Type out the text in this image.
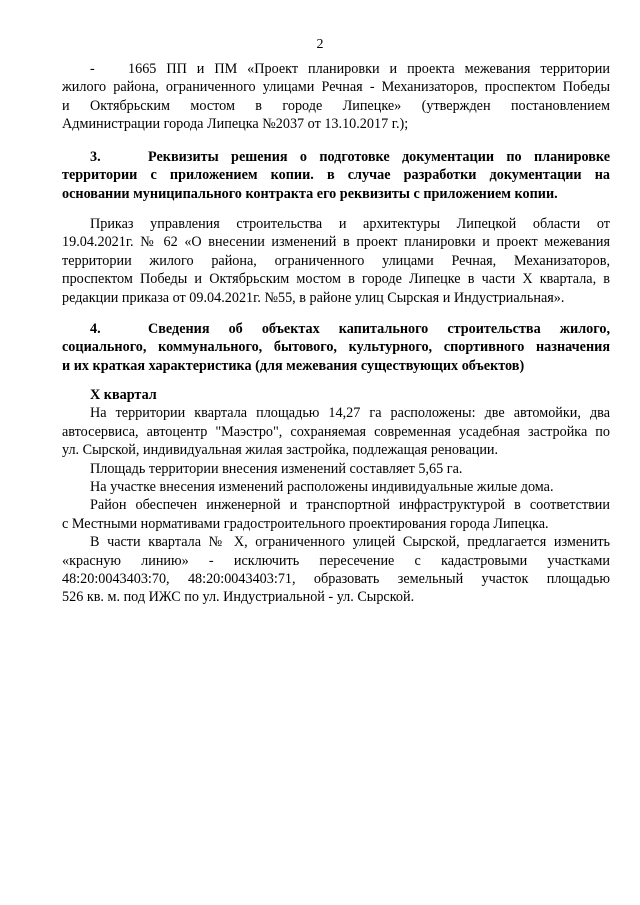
2

- 1665 ПП и ПМ «Проект планировки и проекта межевания территории

жилого района, ограниченного улицами Речная - Механизаторов, проспектом Победы

и Октябрьским мостом в городе Липецке» (утвержден постановлением

Администрации города Липецка №2037 от 13.10.2017 г.);

3.	Реквизиты решения о подготовке документации по планировке

территории с приложением копии. в случае разработки документации на

основании муниципального контракта его реквизиты с приложением копии.

Приказ управления строительства и архитектуры Липецкой области от

19.04.2021г. № 62 «О внесении изменений в проект планировки и проект межевания

территории жилого района, ограниченного улицами Речная, Механизаторов,

проспектом Победы и Октябрьским мостом в городе Липецке в части Х квартала, в

редакции приказа от 09.04.2021г. №55, в районе улиц Сырская и Индустриальная».

4.	Сведения об объектах капитального строительства жилого,

социального, коммунального, бытового, культурного, спортивного назначения

и их краткая характеристика (для межевания существующих объектов)

Х квартал

На территории квартала площадью 14,27 га расположены: две автомойки, два

автосервиса, автоцентр "Маэстро", сохраняемая современная усадебная застройка по

ул. Сырской, индивидуальная жилая застройка, подлежащая реновации.

Площадь территории внесения изменений составляет 5,65 га.

На участке внесения изменений расположены индивидуальные жилые дома.

Район обеспечен инженерной и транспортной инфраструктурой в соответствии

с Местными нормативами градостроительного проектирования города Липецка.

В части квартала № Х, ограниченного улицей Сырской, предлагается изменить

«красную линию» - исключить пересечение с кадастровыми участками

48:20:0043403:70, 48:20:0043403:71, образовать земельный участок площадью

526 кв. м. под ИЖС по ул. Индустриальной - ул. Сырской.
